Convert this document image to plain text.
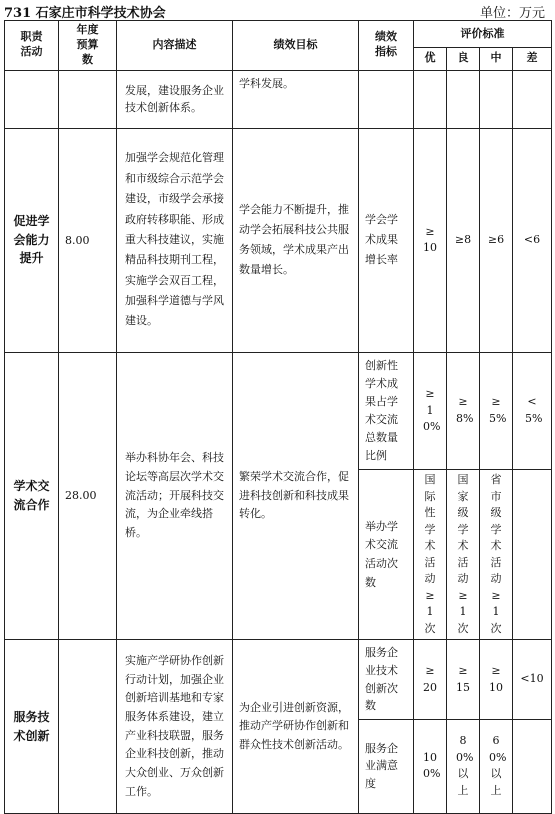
731 石家庄市科学技术协会	单位：万元
职责活动	年度预算数	内容描述	绩效目标	绩效指标	评价标准			
					优	良	中	差
		发展，建设服务企业技术创新体系。	学科发展。					

促进学会能力提升	8.00	加强学会规范化管理和市级综合示范学会建设，市级学会承接政府转移职能、形成重大科技建议，实施精品科技期刊工程，实施学会双百工程，加强科学道德与学风建设。	学会能力不断提升，推动学会拓展科技公共服务领域，学术成果产出数量增长。	学会学术成果增长率	≥10	≥8	≥6	<6

学术交流合作	28.00	举办科协年会、科技论坛等高层次学术交流活动；开展科技交流，为企业牵线搭桥。	繁荣学术交流合作，促进科技创新和科技成果转化。	创新性学术成果占学术交流总数量比例	≥10%	≥8%	≥5%	<5%

				举办学术交流活动次数	国际性学术活动≥1次	国家级学术活动≥1次	省市级学术活动≥1次	

服务技术创新		实施产学研协作创新行动计划，加强企业创新培训基地和专家服务体系建设，建立产业科技联盟，服务企业科技创新，推动大众创业、万众创新工作。	为企业引进创新资源，推动产学研协作创新和群众性技术创新活动。	服务企业技术创新次数	≥20	≥15	≥10	<10
				服务企业满意度	100%	80%以上	60%以上	
